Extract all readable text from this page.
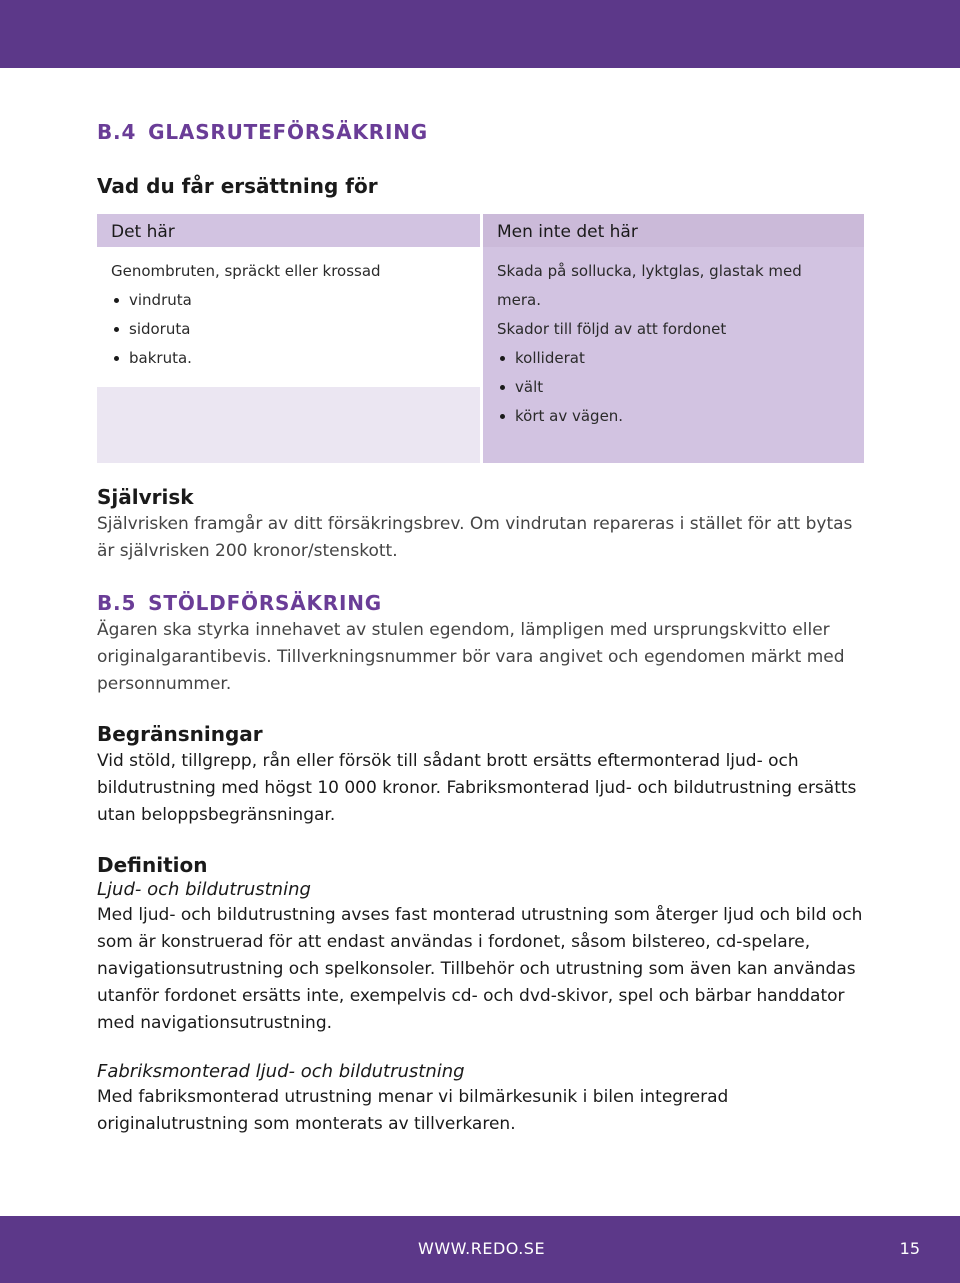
B.4 GLASRUTEFÖRSÄKRING
Vad du får ersättning för
Det här
Genombruten, spräckt eller krossad
vindruta
sidoruta
bakruta.
Men inte det här
Skada på sollucka, lyktglas, glastak med mera.
Skador till följd av att fordonet
kolliderat
vält
kört av vägen.
Självrisk

Självrisken framgår av ditt försäkringsbrev. Om vindrutan repareras i stället för att bytas är självrisken 200 kronor/stenskott.

B.5 STÖLDFÖRSÄKRING

Ägaren ska styrka innehavet av stulen egendom, lämpligen med ursprungskvitto eller originalgarantibevis. Tillverkningsnummer bör vara angivet och egendomen märkt med personnummer.

Begränsningar

Vid stöld, tillgrepp, rån eller försök till sådant brott ersätts eftermonterad ljud- och bildutrustning med högst 10 000 kronor. Fabriksmonterad ljud- och bildutrustning ersätts utan beloppsbegränsningar.

Definition

Ljud- och bildutrustning

Med ljud- och bildutrustning avses fast monterad utrustning som återger ljud och bild och som är konstruerad för att endast användas i fordonet, såsom bilstereo, cd-spelare, navigationsutrustning och spelkonsoler. Tillbehör och utrustning som även kan användas utanför fordonet ersätts inte, exempelvis cd- och dvd-skivor, spel och bärbar handdator med navigationsutrustning.

Fabriksmonterad ljud- och bildutrustning

Med fabriksmonterad utrustning menar vi bilmärkesunik i bilen integrerad originalutrustning som monterats av tillverkaren.

WWW.REDO.SE	15
